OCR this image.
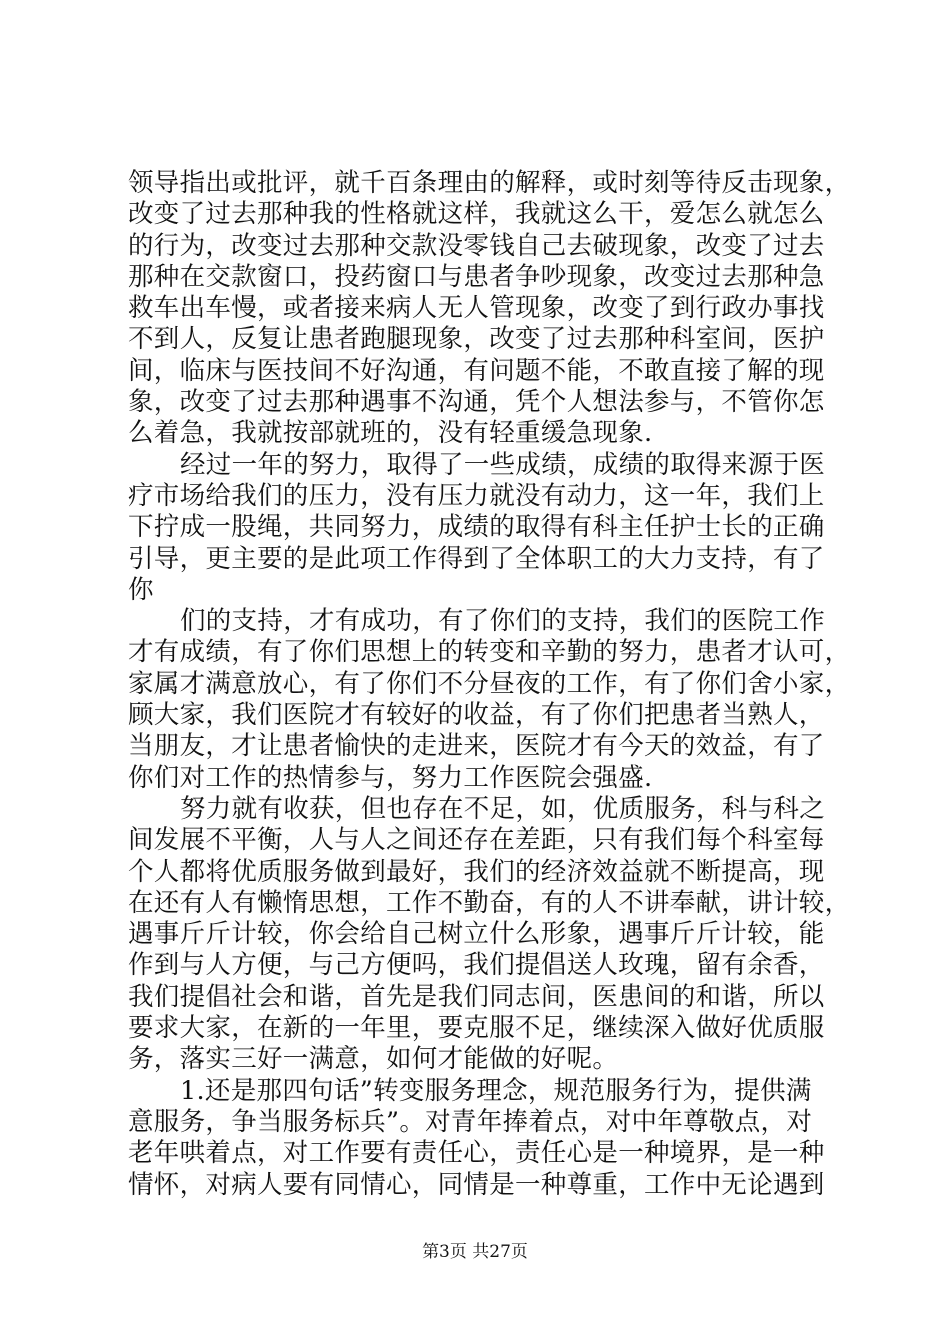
领导指出或批评，就千百条理由的解释，或时刻等待反击现象，
改变了过去那种我的性格就这样，我就这么干，爱怎么就怎么
的行为，改变过去那种交款没零钱自己去破现象，改变了过去
那种在交款窗口，投药窗口与患者争吵现象，改变过去那种急
救车出车慢，或者接来病人无人管现象，改变了到行政办事找
不到人，反复让患者跑腿现象，改变了过去那种科室间，医护
间，临床与医技间不好沟通，有问题不能，不敢直接了解的现
象，改变了过去那种遇事不沟通，凭个人想法参与，不管你怎
么着急，我就按部就班的，没有轻重缓急现象.
经过一年的努力，取得了一些成绩，成绩的取得来源于医
疗市场给我们的压力，没有压力就没有动力，这一年，我们上
下拧成一股绳，共同努力，成绩的取得有科主任护士长的正确
引导，更主要的是此项工作得到了全体职工的大力支持，有了
你
们的支持，才有成功，有了你们的支持，我们的医院工作
才有成绩，有了你们思想上的转变和辛勤的努力，患者才认可，
家属才满意放心，有了你们不分昼夜的工作，有了你们舍小家，
顾大家，我们医院才有较好的收益，有了你们把患者当熟人，
当朋友，才让患者愉快的走进来，医院才有今天的效益，有了
你们对工作的热情参与，努力工作医院会强盛.
努力就有收获，但也存在不足，如，优质服务，科与科之
间发展不平衡，人与人之间还存在差距，只有我们每个科室每
个人都将优质服务做到最好，我们的经济效益就不断提高，现
在还有人有懒惰思想，工作不勤奋，有的人不讲奉献，讲计较，
遇事斤斤计较，你会给自己树立什么形象，遇事斤斤计较，能
作到与人方便，与己方便吗，我们提倡送人玫瑰，留有余香，
我们提倡社会和谐，首先是我们同志间，医患间的和谐，所以
要求大家，在新的一年里，要克服不足，继续深入做好优质服
务，落实三好一满意，如何才能做的好呢。
1.还是那四句话”转变服务理念，规范服务行为，提供满
意服务，争当服务标兵”。对青年捧着点，对中年尊敬点，对
老年哄着点，对工作要有责任心，责任心是一种境界，是一种
情怀，对病人要有同情心，同情是一种尊重，工作中无论遇到
第3页 共27页
